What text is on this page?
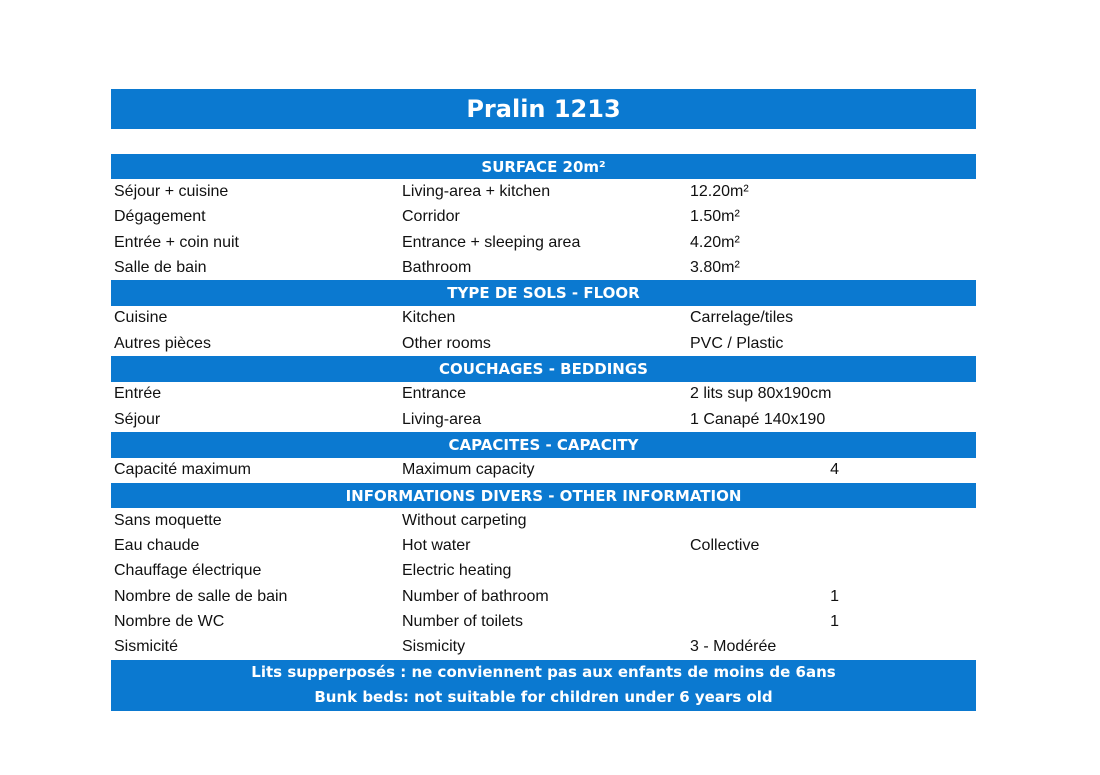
Pralin 1213
SURFACE 20m²
Séjour + cuisine	Living-area + kitchen	12.20m²
Dégagement	Corridor	1.50m²
Entrée + coin nuit	Entrance + sleeping area	4.20m²
Salle de bain	Bathroom	3.80m²
TYPE DE SOLS - FLOOR
Cuisine	Kitchen	Carrelage/tiles
Autres pièces	Other rooms	PVC / Plastic
COUCHAGES - BEDDINGS
Entrée	Entrance	2 lits sup 80x190cm
Séjour	Living-area	1 Canapé 140x190
CAPACITES - CAPACITY
Capacité maximum	Maximum capacity	4
INFORMATIONS DIVERS - OTHER INFORMATION
Sans moquette	Without carpeting
Eau chaude	Hot water	Collective
Chauffage électrique	Electric heating
Nombre de salle de bain	Number of bathroom	1
Nombre de WC	Number of toilets	1
Sismicité	Sismicity	3 - Modérée
Lits supperposés : ne conviennent pas aux enfants de moins de 6ans
Bunk beds: not suitable for children under 6 years old
